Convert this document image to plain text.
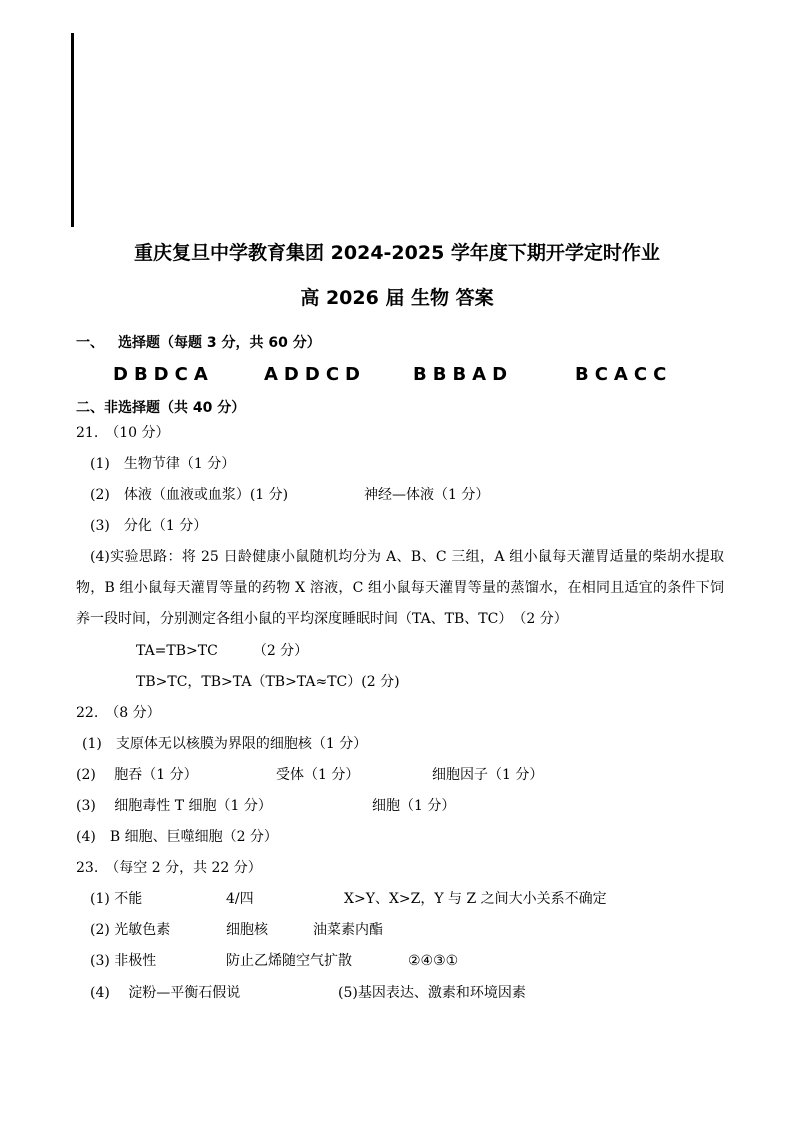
重庆复旦中学教育集团 2024-2025 学年度下期开学定时作业
高 2026 届 生物 答案
一、 选择题（每题 3 分，共 60 分）
DBDCA	ADDCD	BBBAD	BCACC
二、非选择题（共 40 分）
21.　（10 分）
(1)　生物节律（1 分）
(2)　体液（血液或血浆）(1 分)	神经—体液（1 分）
(3)　分化（1 分）
(4)实验思路：将 25 日龄健康小鼠随机均分为 A、B、C 三组，A 组小鼠每天灌胃适量的柴胡水提取物，B 组小鼠每天灌胃等量的药物 X 溶液，C 组小鼠每天灌胃等量的蒸馏水，在相同且适宜的条件下饲养一段时间，分别测定各组小鼠的平均深度睡眠时间（TA、TB、TC）　（2 分）
TA=TB>TC　　　（2 分）
TB>TC，TB>TA（TB>TA≈TC）(2 分)
22.　（8 分）
(1)　支原体无以核膜为界限的细胞核（1 分）
(2)　 胞吞（1 分）	受体（1 分）	细胞因子（1 分）
(3)　 细胞毒性 T 细胞（1 分）	细胞（1 分）
(4)　B 细胞、巨噬细胞（2 分）
23.　（每空 2 分，共 22 分）
(1) 不能	4/四	X>Y、X>Z，Y 与 Z 之间大小关系不确定
(2) 光敏色素	细胞核	油菜素内酯
(3) 非极性	防止乙烯随空气扩散	②④③①
(4)　 淀粉—平衡石假说	(5)基因表达、激素和环境因素
